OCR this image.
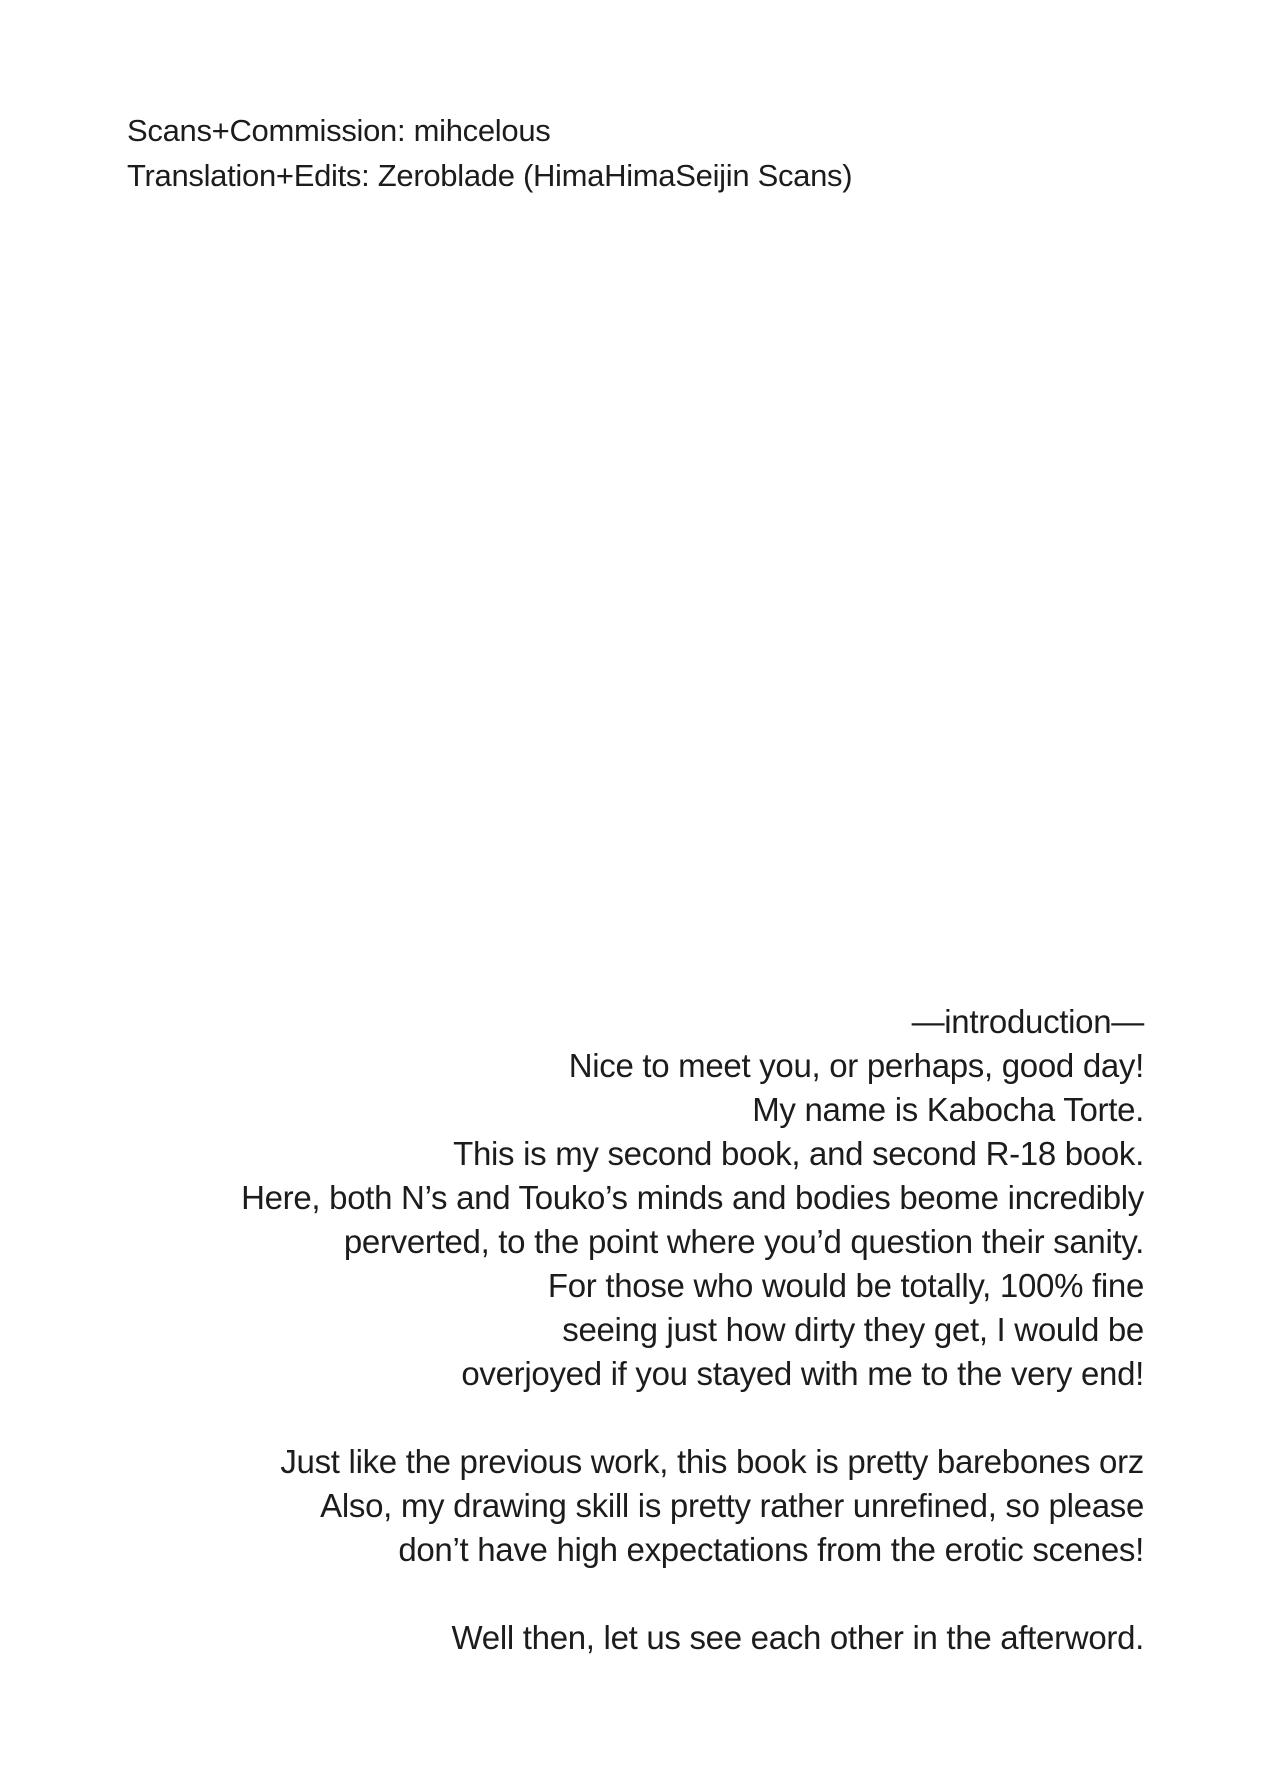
Scans+Commission: mihcelous
Translation+Edits: Zeroblade (HimaHimaSeijin Scans)
—introduction—
Nice to meet you, or perhaps, good day!
My name is Kabocha Torte.
This is my second book, and second R-18 book.
Here, both N’s and Touko’s minds and bodies beome incredibly
perverted, to the point where you’d question their sanity.
For those who would be totally, 100% fine
seeing just how dirty they get, I would be
overjoyed if you stayed with me to the very end!
Just like the previous work, this book is pretty barebones orz
Also, my drawing skill is pretty rather unrefined, so please
don’t have high expectations from the erotic scenes!
Well then, let us see each other in the afterword.
